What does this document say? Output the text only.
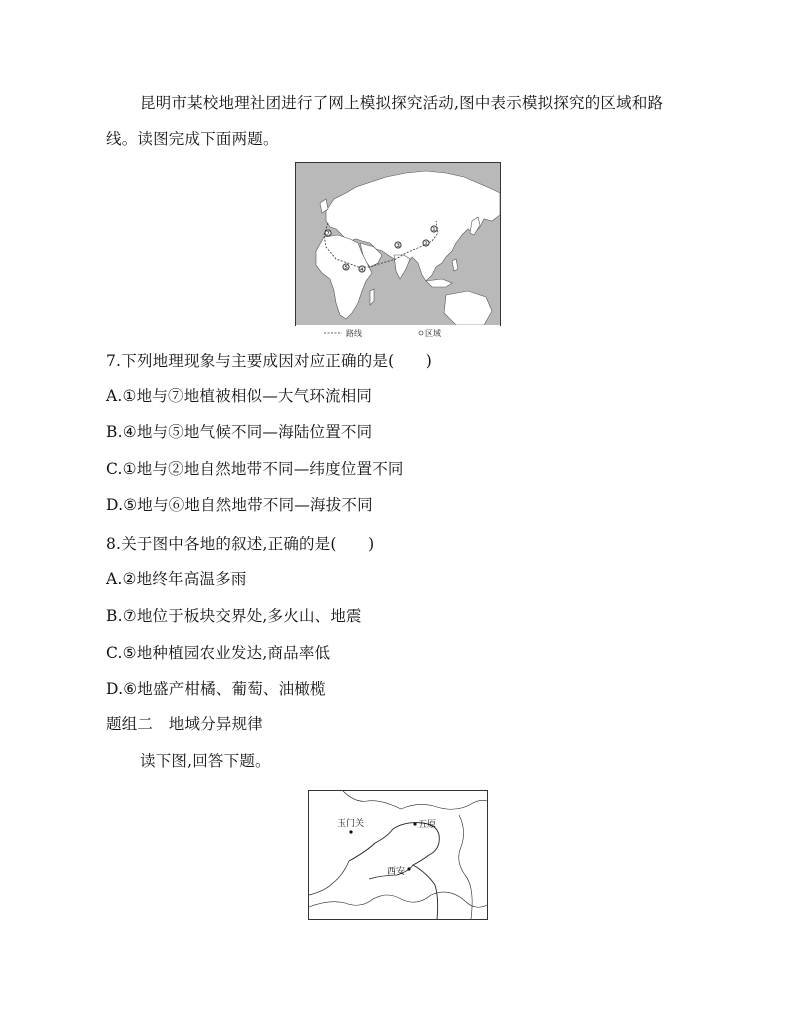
昆明市某校地理社团进行了网上模拟探究活动,图中表示模拟探究的区域和路
线。读图完成下面两题。
①
②
③
④
⑤
⑦
路线	区域
7.下列地理现象与主要成因对应正确的是(　　)
A.①地与⑦地植被相似—大气环流相同
B.④地与⑤地气候不同—海陆位置不同
C.①地与②地自然地带不同—纬度位置不同
D.⑤地与⑥地自然地带不同—海拔不同
8.关于图中各地的叙述,正确的是(　　)
A.②地终年高温多雨
B.⑦地位于板块交界处,多火山、地震
C.⑤地种植园农业发达,商品率低
D.⑥地盛产柑橘、葡萄、油橄榄
题组二　地域分异规律
读下图,回答下题。
玉门关	五原
西安
